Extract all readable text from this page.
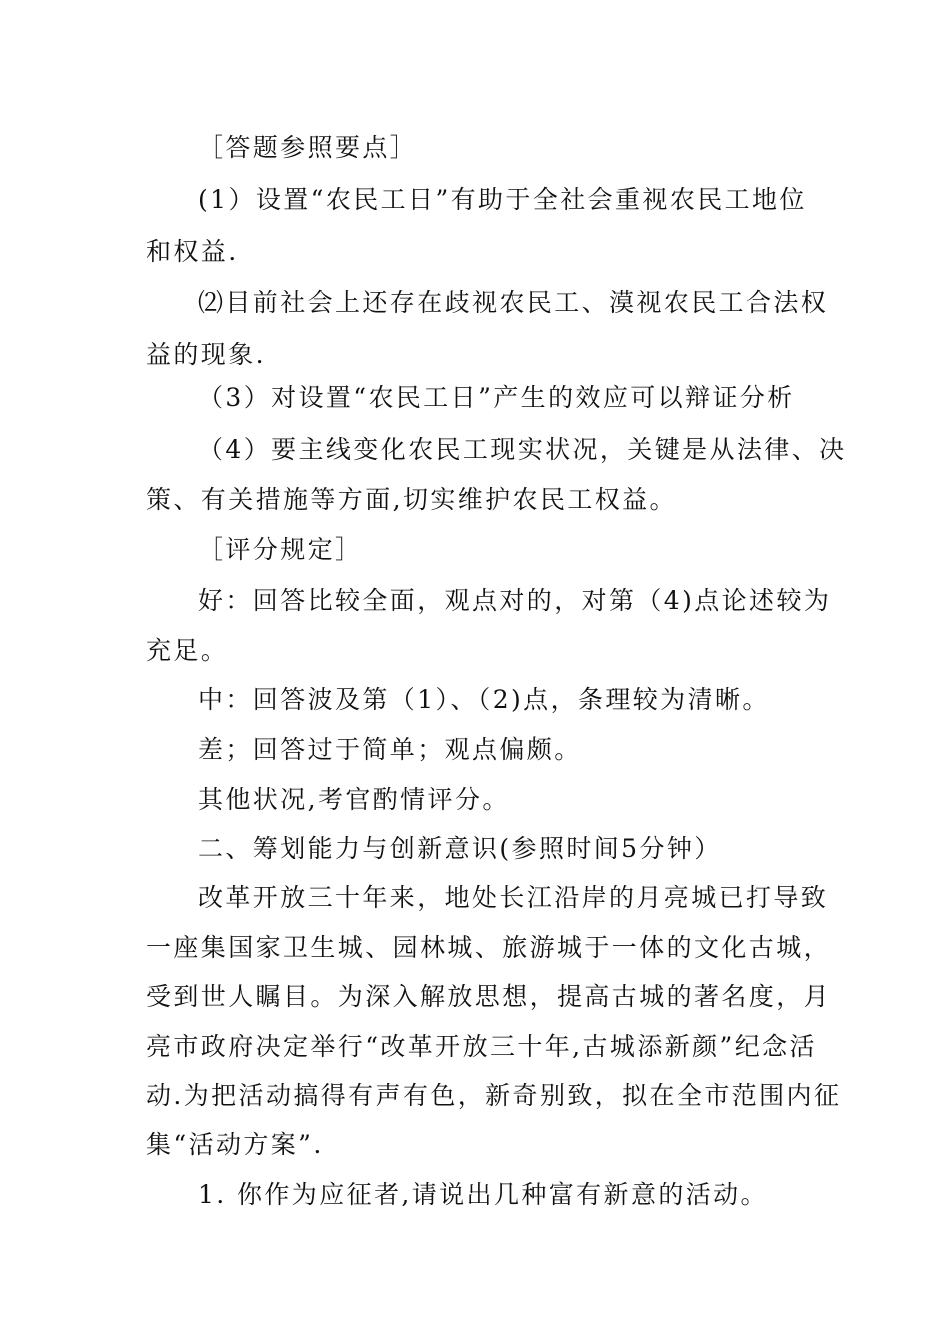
［答题参照要点］
(1）设置“农民工日”有助于全社会重视农民工地位
和权益.
⑵目前社会上还存在歧视农民工、漠视农民工合法权
益的现象.
（3）对设置“农民工日”产生的效应可以辩证分析
（4）要主线变化农民工现实状况，关键是从法律、决
策、有关措施等方面,切实维护农民工权益。
［评分规定］
好：回答比较全面，观点对的，对第（4)点论述较为
充足。
中：回答波及第（1）、（2)点，条理较为清晰。
差；回答过于简单；观点偏颇。
其他状况,考官酌情评分。
二、筹划能力与创新意识(参照时间5分钟）
改革开放三十年来，地处长江沿岸的月亮城已打导致
一座集国家卫生城、园林城、旅游城于一体的文化古城，
受到世人瞩目。为深入解放思想，提高古城的著名度，月
亮市政府决定举行“改革开放三十年,古城添新颜”纪念活
动.为把活动搞得有声有色，新奇别致，拟在全市范围内征
集“活动方案”.
1. 你作为应征者,请说出几种富有新意的活动。
